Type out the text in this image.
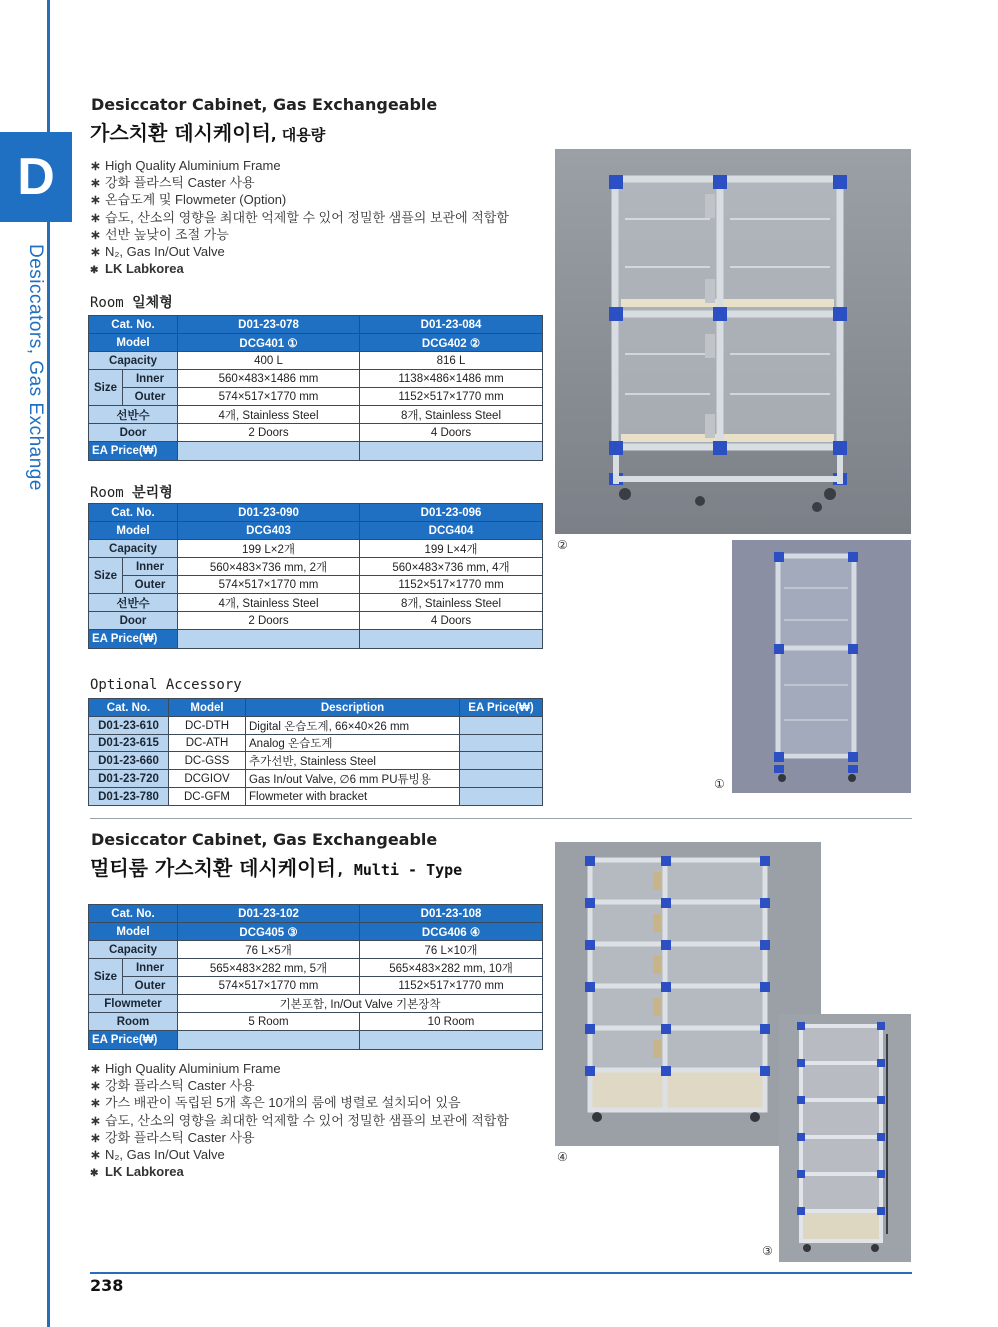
D
Desiccators, Gas Exchange
Desiccator Cabinet, Gas Exchangeable
가스치환 데시케이터, 대용량
∗ High Quality Aluminium Frame
∗ 강화 플라스틱 Caster 사용
∗ 온습도계 및 Flowmeter (Option)
∗ 습도, 산소의 영향을 최대한 억제할 수 있어 정밀한 샘플의 보관에 적합함
∗ 선반 높낮이 조절 가능
∗ N₂, Gas In/Out Valve
✱ LK Labkorea
Room 일체형
Cat. No.		D01-23-078	D01-23-084
Model		DCG401 ①	DCG402 ②
Capacity		400 L	816 L
Size	Inner	560×483×1486 mm	1138×486×1486 mm
	Outer	574×517×1770 mm	1152×517×1770 mm
선반수		4개, Stainless Steel	8개, Stainless Steel
Door		2 Doors	4 Doors
EA Price(₩)			
Room 분리형
Cat. No.		D01-23-090	D01-23-096
Model		DCG403	DCG404
Capacity		199 L×2개	199 L×4개
Size	Inner	560×483×736 mm, 2개	560×483×736 mm, 4개
	Outer	574×517×1770 mm	1152×517×1770 mm
선반수		4개, Stainless Steel	8개, Stainless Steel
Door		2 Doors	4 Doors
EA Price(₩)			
Optional Accessory
Cat. No.	Model	Description	EA Price(₩)
D01-23-610	DC-DTH	Digital 온습도계, 66×40×26 mm	
D01-23-615	DC-ATH	Analog 온습도계	
D01-23-660	DC-GSS	추가선반, Stainless Steel	
D01-23-720	DCGIOV	Gas In/out Valve, ∅6 mm PU튜빙용	
D01-23-780	DC-GFM	Flowmeter with bracket	
②
①
Desiccator Cabinet, Gas Exchangeable
멀티룸 가스치환 데시케이터, Multi - Type
Cat. No.		D01-23-102	D01-23-108
Model		DCG405 ③	DCG406 ④
Capacity		76 L×5개	76 L×10개
Size	Inner	565×483×282 mm, 5개	565×483×282 mm, 10개
	Outer	574×517×1770 mm	1152×517×1770 mm
Flowmeter		기본포함, In/Out Valve 기본장착	
Room		5 Room	10 Room
EA Price(₩)			
∗ High Quality Aluminium Frame
∗ 강화 플라스틱 Caster 사용
∗ 가스 배관이 독립된 5개 혹은 10개의 룸에 병렬로 설치되어 있음
∗ 습도, 산소의 영향을 최대한 억제할 수 있어 정밀한 샘플의 보관에 적합함
∗ 강화 플라스틱 Caster 사용
∗ N₂, Gas In/Out Valve
✱ LK Labkorea
④
③
238
